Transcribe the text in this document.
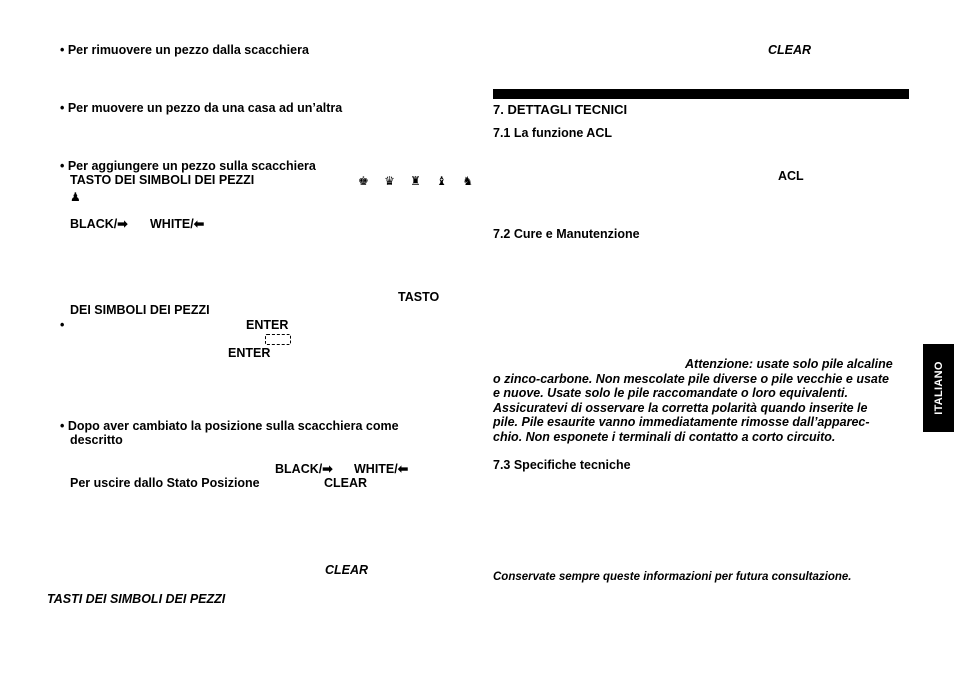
• Per rimuovere un pezzo dalla scacchiera
• Per muovere un pezzo da una casa ad un’altra
• Per aggiungere un pezzo sulla scacchiera
TASTO DEI SIMBOLI DEI PEZZI	♚ ♛ ♜ ♝ ♞
♟
BLACK/➡ WHITE/⬅
TASTO
DEI SIMBOLI DEI PEZZI
•	ENTER
ENTER
• Dopo aver cambiato la posizione sulla scacchiera come
descritto
BLACK/➡ WHITE/⬅
Per uscire dallo Stato Posizione	CLEAR
CLEAR
TASTI DEI SIMBOLI DEI PEZZI
CLEAR
7. DETTAGLI TECNICI
7.1 La funzione ACL
ACL
7.2 Cure e Manutenzione
Attenzione: usate solo pile alcaline
o zinco-carbone. Non mescolate pile diverse o pile vecchie e usate
e nuove. Usate solo le pile raccomandate o loro equivalenti.
Assicuratevi di osservare la corretta polarità quando inserite le
pile. Pile esaurite vanno immediatamente rimosse dall’apparec-
chio. Non esponete i terminali di contatto a corto circuito.
7.3 Specifiche tecniche
Conservate sempre queste informazioni per futura consultazione.
ITALIANO
